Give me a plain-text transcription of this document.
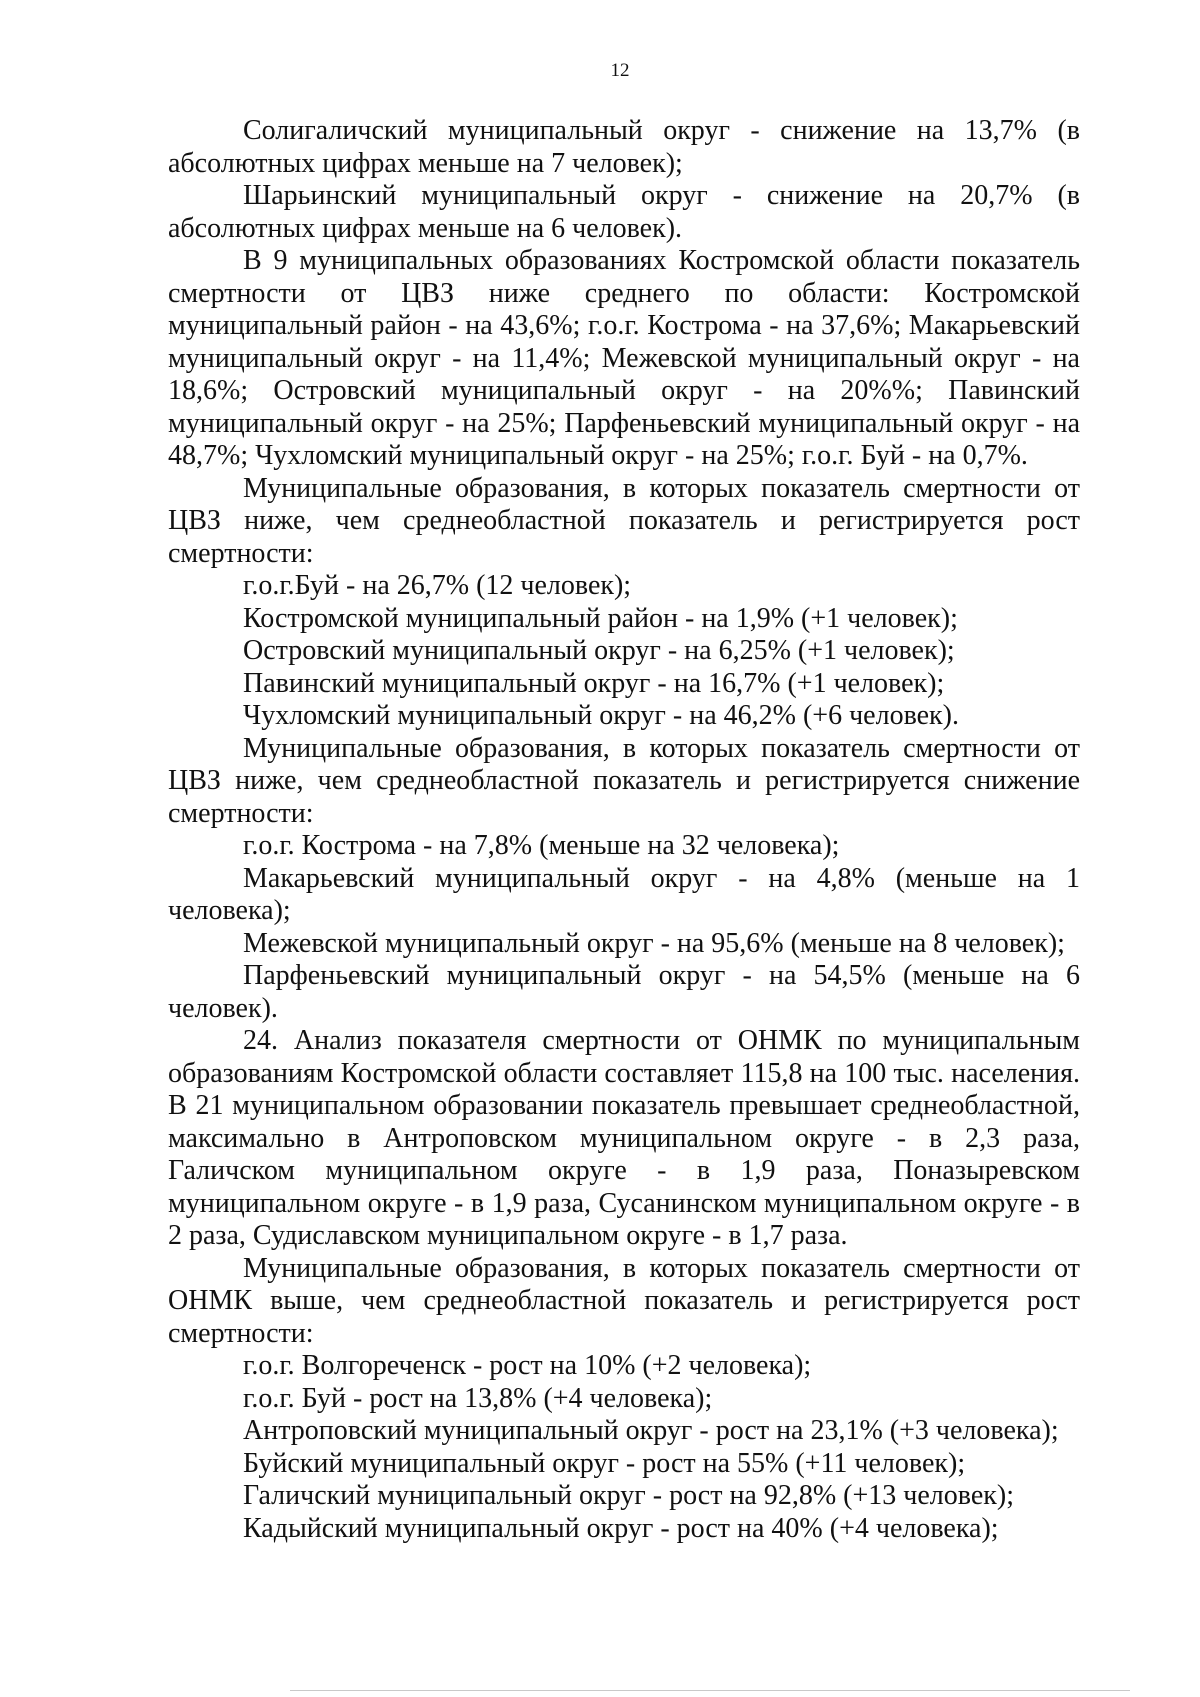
12

Солигаличский муниципальный округ - снижение на 13,7% (в абсолютных цифрах меньше на 7 человек);

Шарьинский муниципальный округ - снижение на 20,7% (в абсолютных цифрах меньше на 6 человек).

В 9 муниципальных образованиях Костромской области показатель смертности от ЦВЗ ниже среднего по области: Костромской муниципальный район - на 43,6%; г.о.г. Кострома - на 37,6%; Макарьевский муниципальный округ - на 11,4%; Межевской муниципальный округ - на 18,6%; Островский муниципальный округ - на 20%%; Павинский муниципальный округ - на 25%; Парфеньевский муниципальный округ - на 48,7%; Чухломский муниципальный округ - на 25%; г.о.г. Буй - на 0,7%.

Муниципальные образования, в которых показатель смертности от ЦВЗ ниже, чем среднеобластной показатель и регистрируется рост смертности:

г.о.г.Буй - на 26,7% (12 человек);

Костромской муниципальный район - на 1,9% (+1 человек);

Островский муниципальный округ - на 6,25% (+1 человек);

Павинский муниципальный округ - на 16,7% (+1 человек);

Чухломский муниципальный округ - на 46,2% (+6 человек).

Муниципальные образования, в которых показатель смертности от ЦВЗ ниже, чем среднеобластной показатель и регистрируется снижение смертности:

г.о.г. Кострома - на 7,8% (меньше на 32 человека);

Макарьевский муниципальный округ - на 4,8% (меньше на 1 человека);

Межевской муниципальный округ - на 95,6% (меньше на 8 человек);

Парфеньевский муниципальный округ - на 54,5% (меньше на 6 человек).

24. Анализ показателя смертности от ОНМК по муниципальным образованиям Костромской области составляет 115,8 на 100 тыс. населения. В 21 муниципальном образовании показатель превышает среднеобластной, максимально в Антроповском муниципальном округе - в 2,3 раза, Галичском муниципальном округе - в 1,9 раза, Поназыревском муниципальном округе - в 1,9 раза, Сусанинском муниципальном округе - в 2 раза, Судиславском муниципальном округе - в 1,7 раза.

Муниципальные образования, в которых показатель смертности от ОНМК выше, чем среднеобластной показатель и регистрируется рост смертности:

г.о.г. Волгореченск - рост на 10% (+2 человека);

г.о.г. Буй - рост на 13,8% (+4 человека);

Антроповский муниципальный округ - рост на 23,1% (+3 человека);

Буйский муниципальный округ - рост на 55% (+11 человек);

Галичский муниципальный округ - рост на 92,8% (+13 человек);

Кадыйский муниципальный округ - рост на 40% (+4 человека);
